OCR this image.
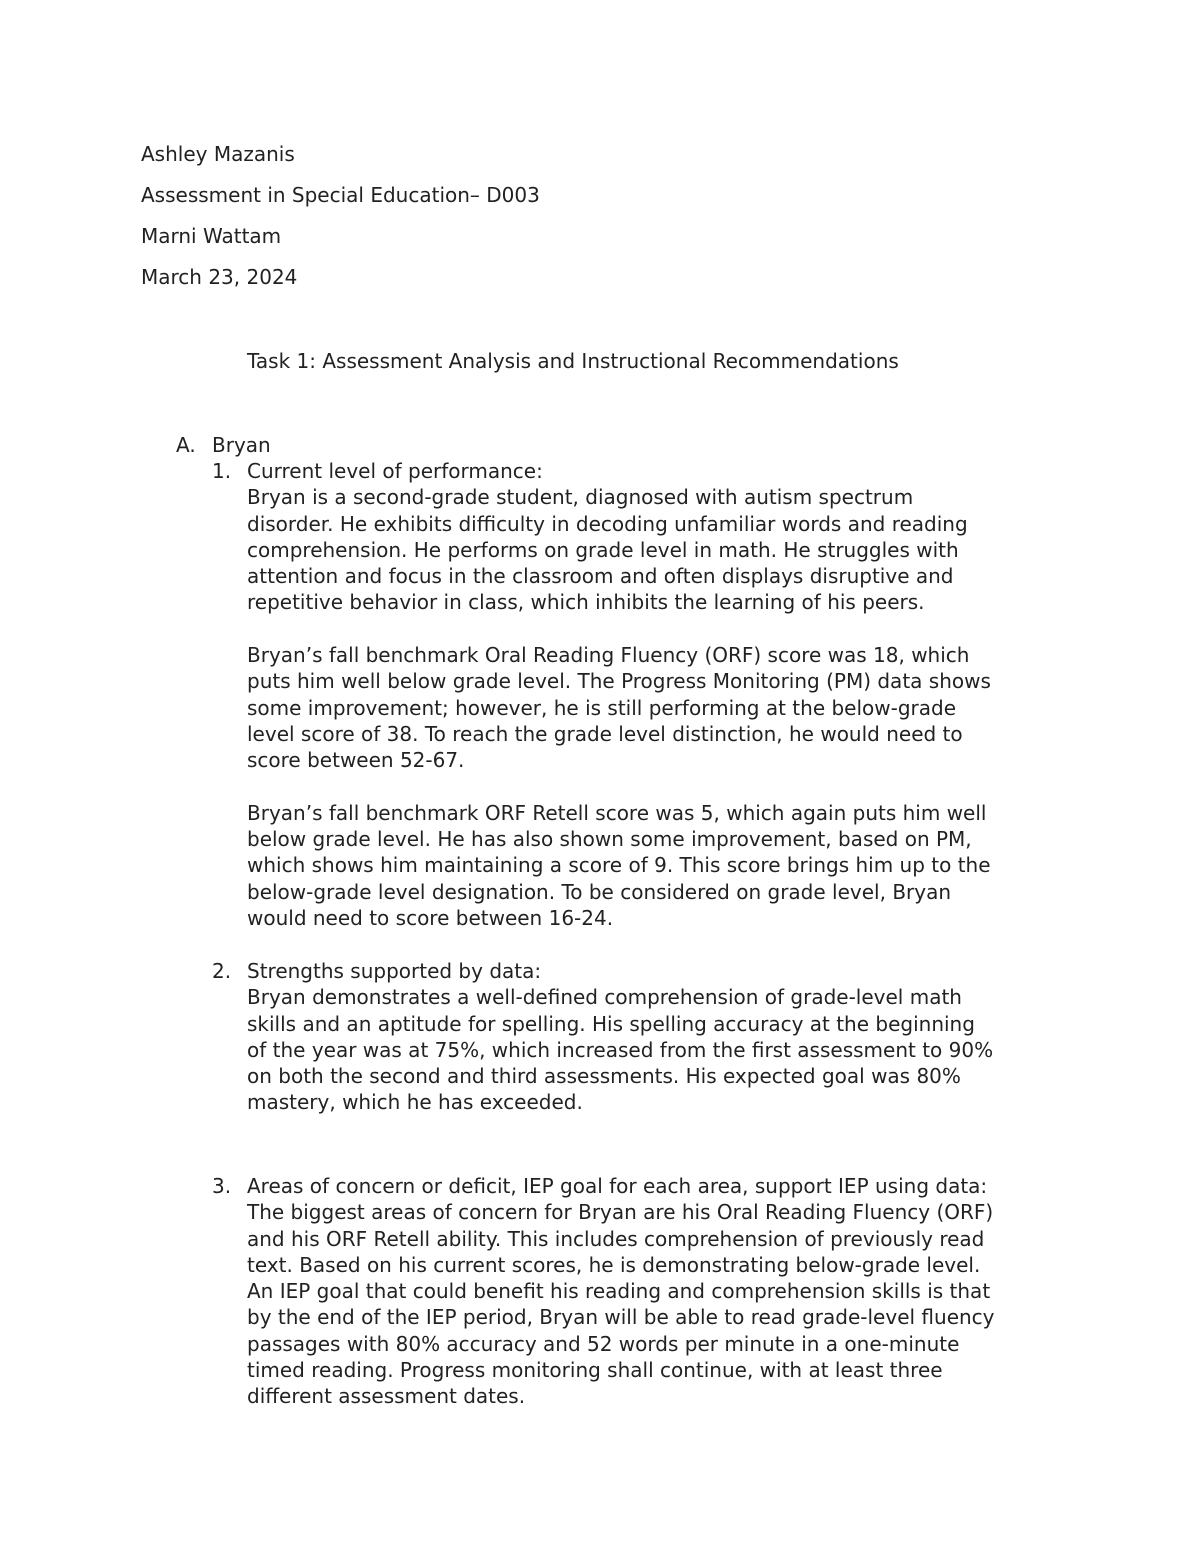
Ashley Mazanis

Assessment in Special Education– D003

Marni Wattam

March 23, 2024

Task 1: Assessment Analysis and Instructional Recommendations

A. Bryan
1. Current level of performance:

Bryan is a second-grade student, diagnosed with autism spectrum
disorder. He exhibits difficulty in decoding unfamiliar words and reading
comprehension. He performs on grade level in math. He struggles with
attention and focus in the classroom and often displays disruptive and
repetitive behavior in class, which inhibits the learning of his peers.

Bryan’s fall benchmark Oral Reading Fluency (ORF) score was 18, which
puts him well below grade level. The Progress Monitoring (PM) data shows
some improvement; however, he is still performing at the below-grade
level score of 38. To reach the grade level distinction, he would need to
score between 52-67.

Bryan’s fall benchmark ORF Retell score was 5, which again puts him well
below grade level. He has also shown some improvement, based on PM,
which shows him maintaining a score of 9. This score brings him up to the
below-grade level designation. To be considered on grade level, Bryan
would need to score between 16-24.

2. Strengths supported by data:

Bryan demonstrates a well-defined comprehension of grade-level math
skills and an aptitude for spelling. His spelling accuracy at the beginning
of the year was at 75%, which increased from the first assessment to 90%
on both the second and third assessments. His expected goal was 80%
mastery, which he has exceeded.

3. Areas of concern or deficit, IEP goal for each area, support IEP using data:

The biggest areas of concern for Bryan are his Oral Reading Fluency (ORF)
and his ORF Retell ability. This includes comprehension of previously read
text. Based on his current scores, he is demonstrating below-grade level.
An IEP goal that could benefit his reading and comprehension skills is that
by the end of the IEP period, Bryan will be able to read grade-level fluency
passages with 80% accuracy and 52 words per minute in a one-minute
timed reading. Progress monitoring shall continue, with at least three
different assessment dates.
